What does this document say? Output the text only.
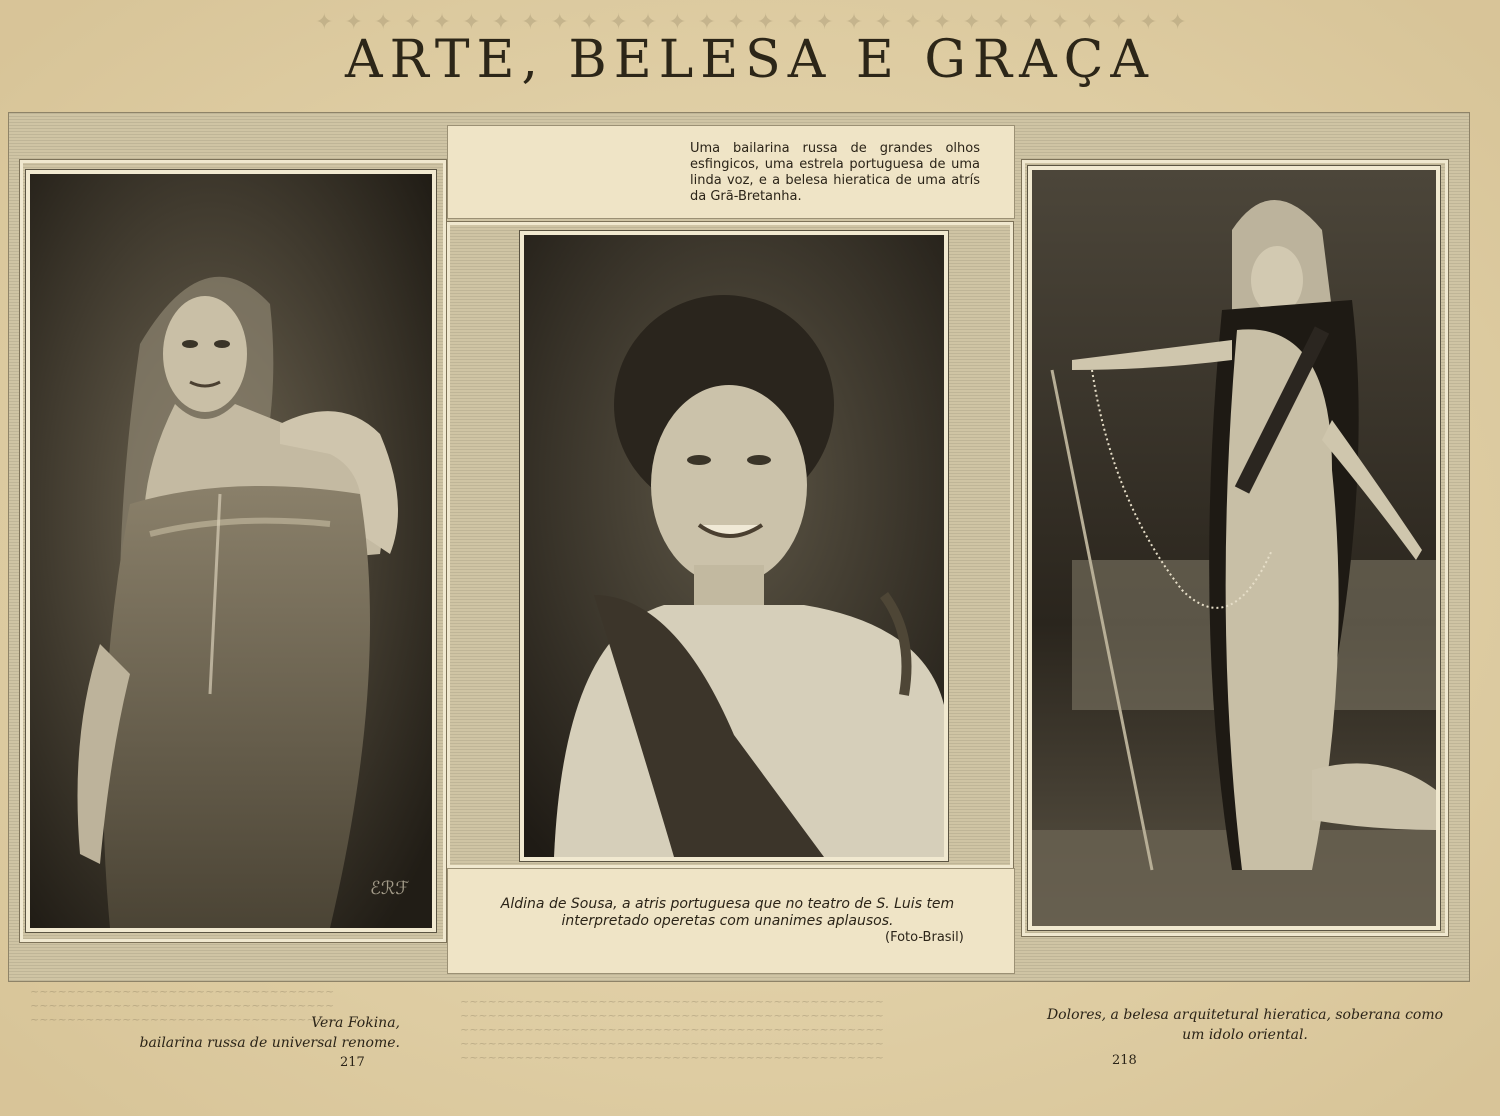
✦ ✦ ✦ ✦ ✦ ✦ ✦ ✦ ✦ ✦ ✦ ✦ ✦ ✦ ✦ ✦ ✦ ✦ ✦ ✦ ✦ ✦ ✦ ✦ ✦ ✦ ✦ ✦ ✦ ✦
ARTE, BELESA E GRAÇA
ℰℛℱ
Uma bailarina russa de grandes olhos esfingicos, uma estrela portuguesa de uma linda voz, e a belesa hieratica de uma atrís da Grã-Bretanha.
Aldina de Sousa, a atris portuguesa que no teatro de S. Luis tem interpretado operetas com unanimes aplausos.
(Foto-Brasil)
~~~~~~~~~~~~~~~~~~~~~~~~~~~~~~~~~
~~~~~~~~~~~~~~~~~~~~~~~~~~~~~~~~~
~~~~~~~~~~~~~~~~~~~~~~~~~~~~~~~~~
~~~~~~~~~~~~~~~~~~~~~~~~~~~~~~~~~~~~~~~~~~~~~~
~~~~~~~~~~~~~~~~~~~~~~~~~~~~~~~~~~~~~~~~~~~~~~
~~~~~~~~~~~~~~~~~~~~~~~~~~~~~~~~~~~~~~~~~~~~~~
~~~~~~~~~~~~~~~~~~~~~~~~~~~~~~~~~~~~~~~~~~~~~~
~~~~~~~~~~~~~~~~~~~~~~~~~~~~~~~~~~~~~~~~~~~~~~
Vera Fokina,
bailarina russa de universal renome.
Dolores, a belesa arquitetural hieratica, soberana como um idolo oriental.
217	218
